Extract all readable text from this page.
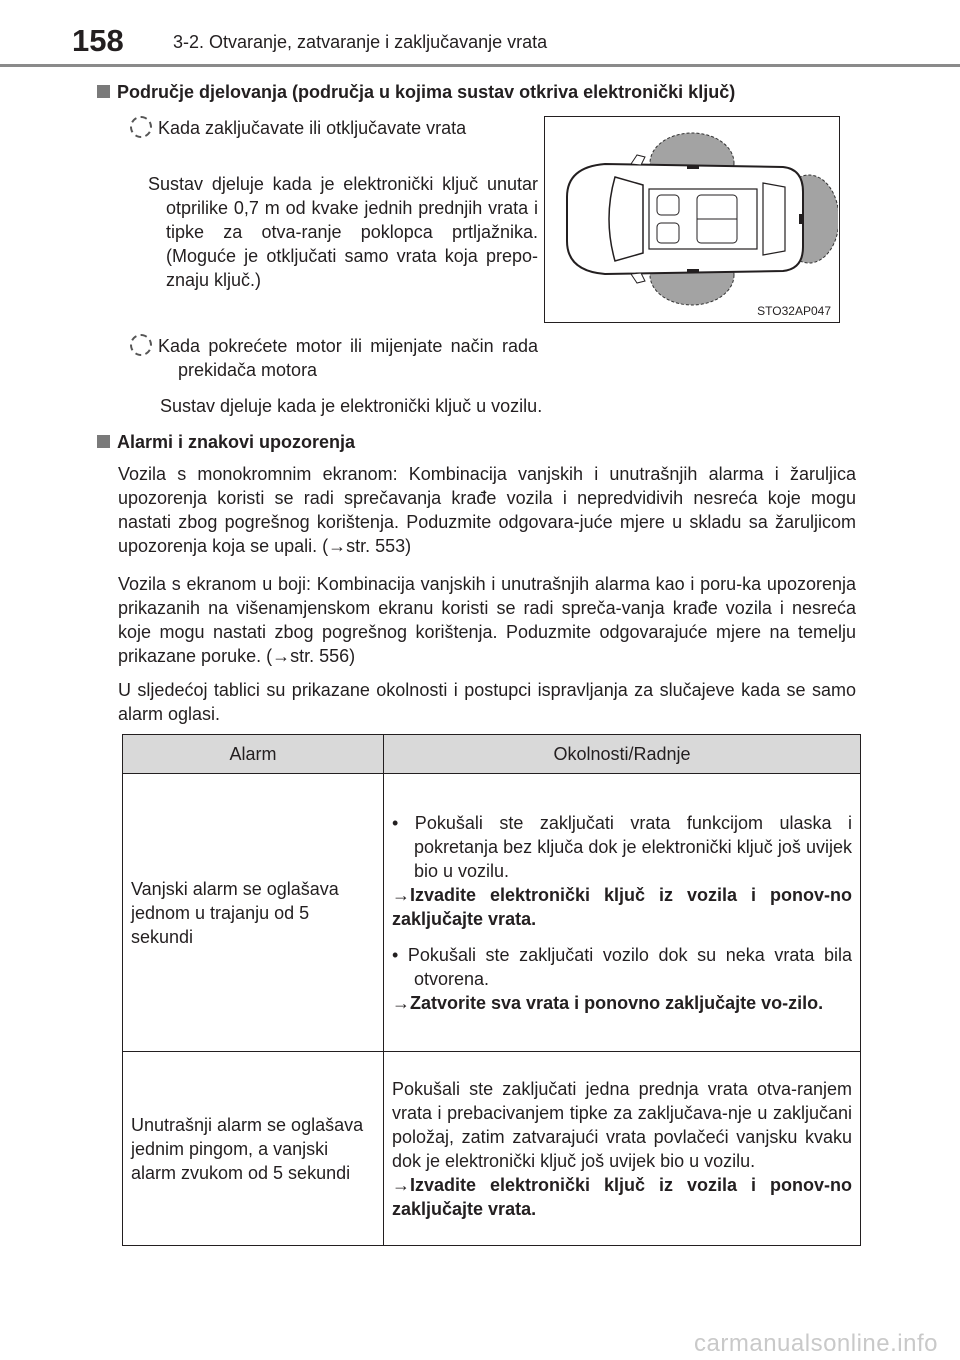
158	3-2. Otvaranje, zatvaranje i zaključavanje vrata
Područje djelovanja (područja u kojima sustav otkriva elektronički ključ)
Kada zaključavate ili otključavate vrata
Sustav djeluje kada je elektronički ključ unutar otprilike 0,7 m od kvake jednih prednjih vrata i tipke za otva-ranje poklopca prtljažnika. (Moguće je otključati samo vrata koja prepo-znaju ključ.)
STO32AP047
Kada pokrećete motor ili mijenjate način rada prekidača motora
Sustav djeluje kada je elektronički ključ u vozilu.
Alarmi i znakovi upozorenja
Vozila s monokromnim ekranom: Kombinacija vanjskih i unutrašnjih alarma i žaruljica upozorenja koristi se radi sprečavanja krađe vozila i nepredvidivih nesreća koje mogu nastati zbog pogrešnog korištenja. Poduzmite odgovara-juće mjere u skladu sa žaruljicom upozorenja koja se upali. (→str. 553)
Vozila s ekranom u boji: Kombinacija vanjskih i unutrašnjih alarma kao i poru-ka upozorenja prikazanih na višenamjenskom ekranu koristi se radi spreča-vanja krađe vozila i nesreća koje mogu nastati zbog pogrešnog korištenja. Poduzmite odgovarajuće mjere na temelju prikazane poruke. (→str. 556)
U sljedećoj tablici su prikazane okolnosti i postupci ispravljanja za slučajeve kada se samo alarm oglasi.
Alarm	Okolnosti/Radnje
Vanjski alarm se oglašava jednom u trajanju od 5 sekundi	• Pokušali ste zaključati vrata funkcijom ulaska i pokretanja bez ključa dok je elektronički ključ još uvijek bio u vozilu.
→Izvadite elektronički ključ iz vozila i ponov-no zaključajte vrata.
• Pokušali ste zaključati vozilo dok su neka vrata bila otvorena.
→Zatvorite sva vrata i ponovno zaključajte vo-zilo.

Unutrašnji alarm se oglašava jednim pingom, a vanjski alarm zvukom od 5 sekundi	Pokušali ste zaključati jedna prednja vrata otva-ranjem vrata i prebacivanjem tipke za zaključava-nje u zaključani položaj, zatim zatvarajući vrata povlačeći vanjsku kvaku dok je elektronički ključ još uvijek bio u vozilu.
→Izvadite elektronički ključ iz vozila i ponov-no zaključajte vrata.
carmanualsonline.info
